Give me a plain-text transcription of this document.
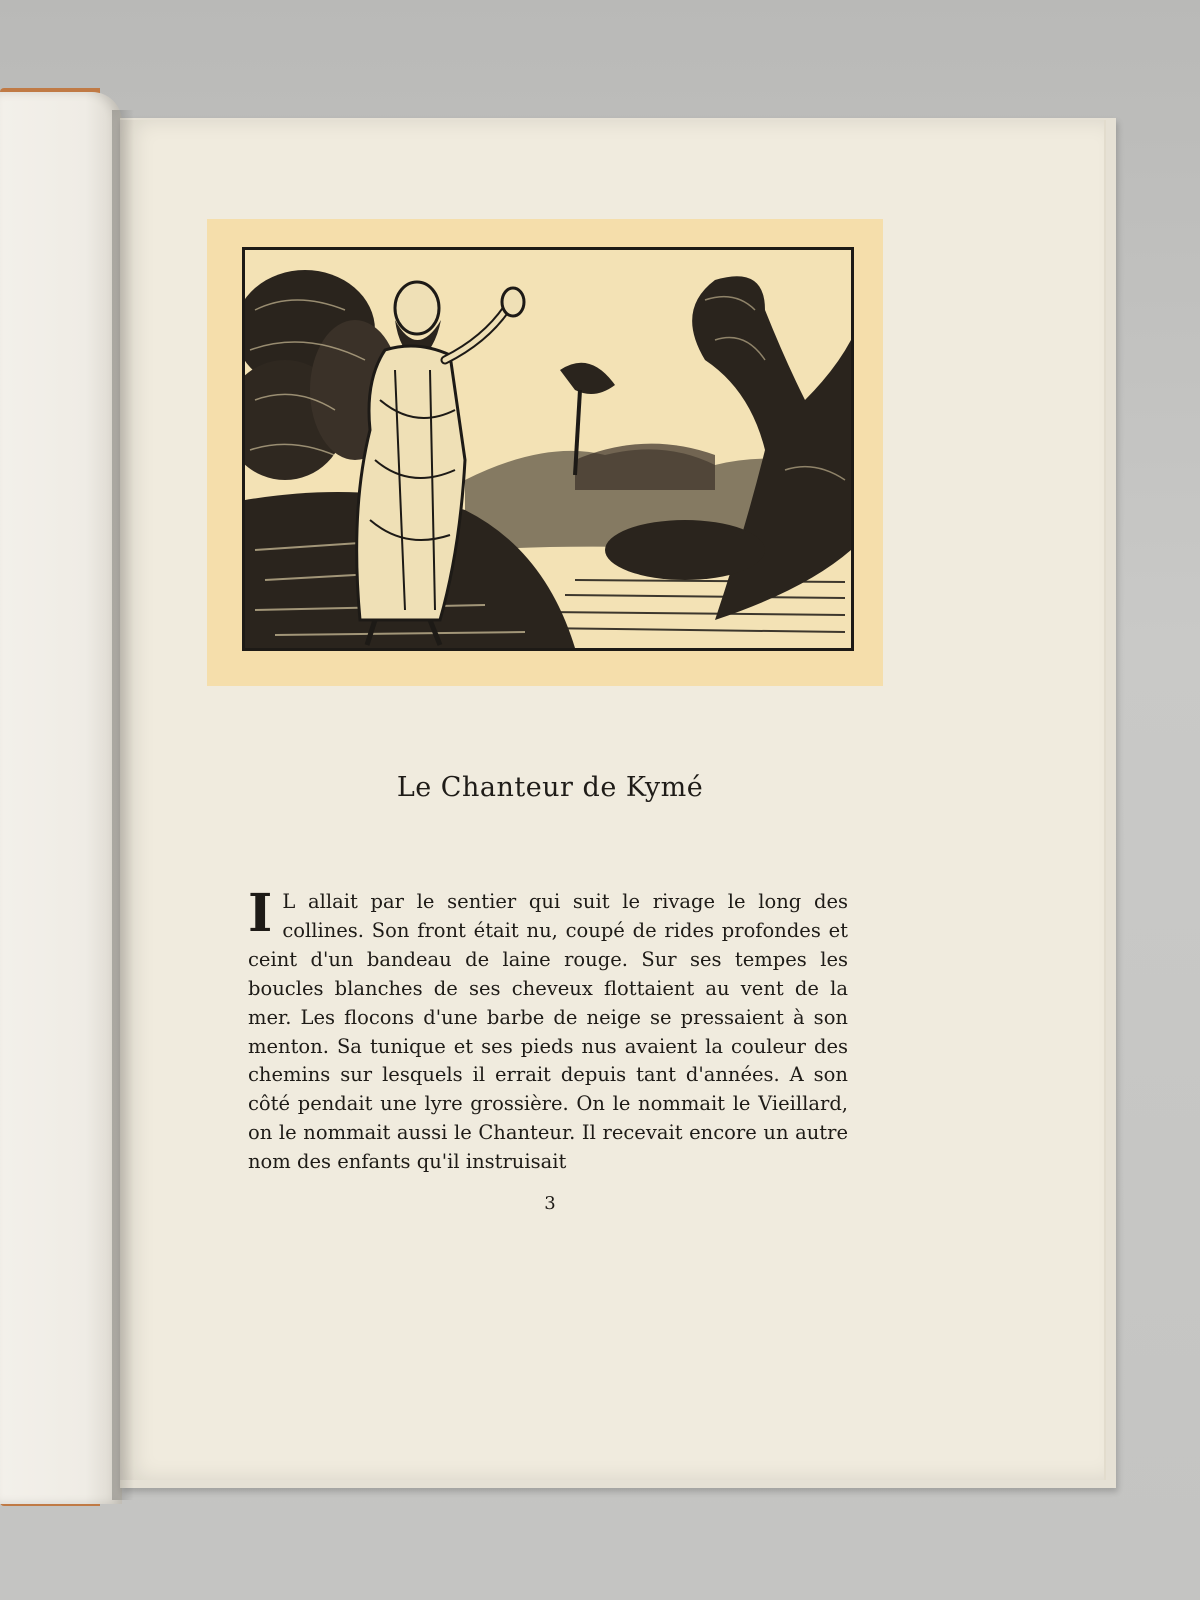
Le Chanteur de Kymé
I L allait par le sentier qui suit le rivage le long des collines. Son front était nu, coupé de rides profondes et ceint d'un bandeau de laine rouge. Sur ses tempes les boucles blanches de ses cheveux flottaient au vent de la mer. Les flocons d'une barbe de neige se pressaient à son menton. Sa tunique et ses pieds nus avaient la couleur des chemins sur lesquels il errait depuis tant d'années. A son côté pendait une lyre grossière. On le nommait le Vieillard, on le nommait aussi le Chanteur. Il recevait encore un autre nom des enfants qu'il instruisait
3
